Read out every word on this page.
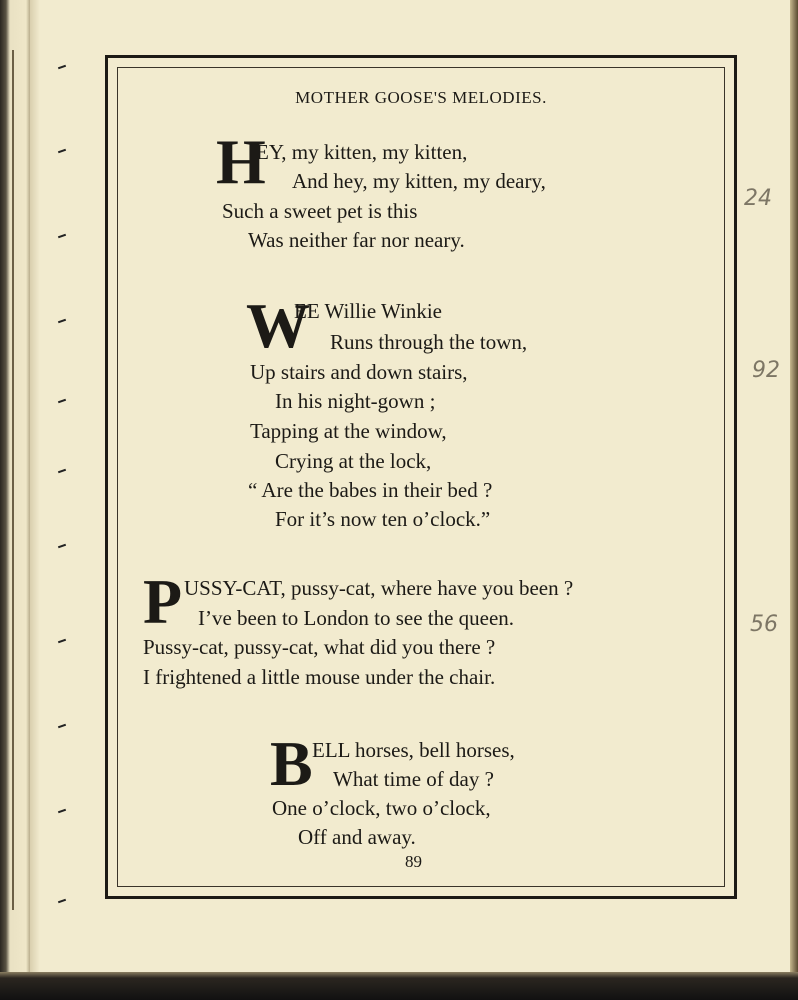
MOTHER GOOSE'S MELODIES.
H
EY, my kitten, my kitten,
And hey, my kitten, my deary,
Such a sweet pet is this
Was neither far nor neary.
W
EE Willie Winkie
Runs through the town,
Up stairs and down stairs,
In his night-gown ;
Tapping at the window,
Crying at the lock,
“ Are the babes in their bed ?
For it’s now ten o’clock.”
P USSY-CAT, pussy-cat, where have you been ?
I’ve been to London to see the queen.
Pussy-cat, pussy-cat, what did you there ?
I frightened a little mouse under the chair.
B ELL horses, bell horses,
What time of day ?
One o’clock, two o’clock,
Off and away.
89
24
92
56
